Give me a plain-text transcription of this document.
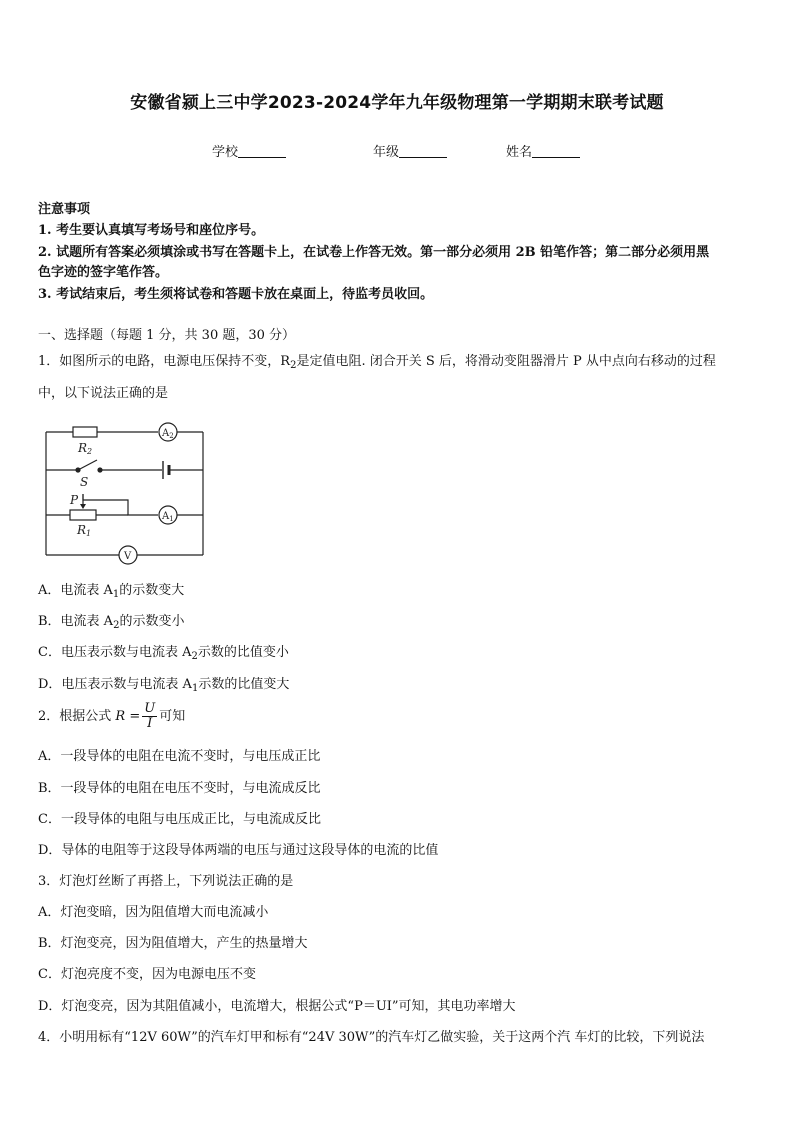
安徽省颍上三中学2023-2024学年九年级物理第一学期期末联考试题
学校	年级	姓名
注意事项
1. 考生要认真填写考场号和座位序号。
2. 试题所有答案必须填涂或书写在答题卡上，在试卷上作答无效。第一部分必须用 2B 铅笔作答；第二部分必须用黑
色字迹的签字笔作答。
3. 考试结束后，考生须将试卷和答题卡放在桌面上，待监考员收回。
一、选择题（每题 1 分，共 30 题，30 分）
1．如图所示的电路，电源电压保持不变，$R_2$是定值电阻. 闭合开关 S 后，将滑动变阻器滑片 P 从中点向右移动的过程
中，以下说法正确的是
R2
$A_2$
S
P
R1
$A_1$
V
A．电流表 $A_1$的示数变大
B．电流表 $A_2$的示数变小
C．电压表示数与电流表 $A_2$示数的比值变小
D．电压表示数与电流表 $A_1$示数的比值变大
2．根据公式 $R = \frac{U}{I}$ 可知
A．一段导体的电阻在电流不变时，与电压成正比
B．一段导体的电阻在电压不变时，与电流成反比
C．一段导体的电阻与电压成正比，与电流成反比
D．导体的电阻等于这段导体两端的电压与通过这段导体的电流的比值
3．灯泡灯丝断了再搭上，下列说法正确的是
A．灯泡变暗，因为阻值增大而电流减小
B．灯泡变亮，因为阻值增大，产生的热量增大
C．灯泡亮度不变，因为电源电压不变
D．灯泡变亮，因为其阻值减小，电流增大，根据公式“P＝UI”可知，其电功率增大
4．小明用标有“12V 60W”的汽车灯甲和标有“24V 30W”的汽车灯乙做实验，关于这两个汽 车灯的比较，下列说法
